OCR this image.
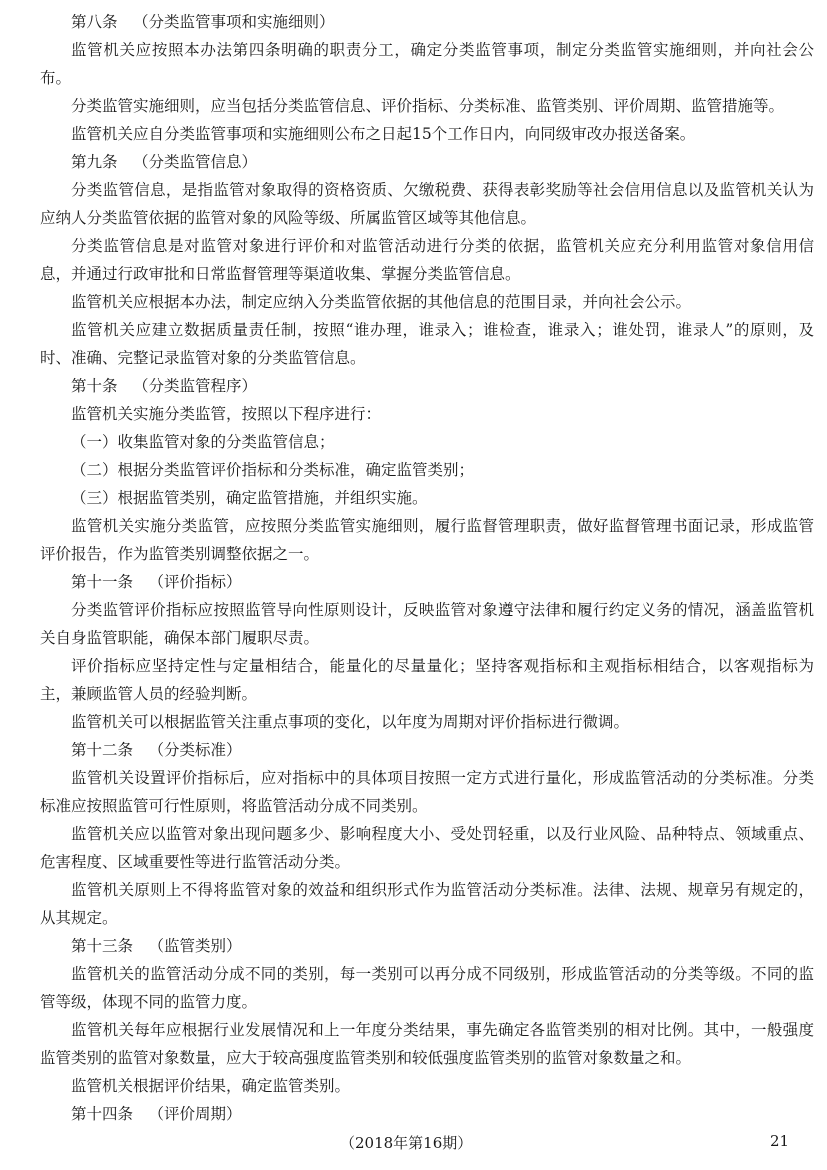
第八条 （分类监管事项和实施细则）

监管机关应按照本办法第四条明确的职责分工，确定分类监管事项，制定分类监管实施细则，并向社会公布。

分类监管实施细则，应当包括分类监管信息、评价指标、分类标准、监管类别、评价周期、监管措施等。

监管机关应自分类监管事项和实施细则公布之日起15个工作日内，向同级审改办报送备案。

第九条 （分类监管信息）

分类监管信息，是指监管对象取得的资格资质、欠缴税费、获得表彰奖励等社会信用信息以及监管机关认为应纳人分类监管依据的监管对象的风险等级、所属监管区域等其他信息。

分类监管信息是对监管对象进行评价和对监管活动进行分类的依据，监管机关应充分利用监管对象信用信息，并通过行政审批和日常监督管理等渠道收集、掌握分类监管信息。

监管机关应根据本办法，制定应纳入分类监管依据的其他信息的范围目录，并向社会公示。

监管机关应建立数据质量责任制，按照“谁办理，谁录入；谁检查，谁录入；谁处罚，谁录人”的原则，及时、准确、完整记录监管对象的分类监管信息。

第十条 （分类监管程序）

监管机关实施分类监管，按照以下程序进行：

（一）收集监管对象的分类监管信息；

（二）根据分类监管评价指标和分类标准，确定监管类别；

（三）根据监管类别，确定监管措施，并组织实施。

监管机关实施分类监管，应按照分类监管实施细则，履行监督管理职责，做好监督管理书面记录，形成监管评价报告，作为监管类别调整依据之一。

第十一条 （评价指标）

分类监管评价指标应按照监管导向性原则设计，反映监管对象遵守法律和履行约定义务的情况，涵盖监管机关自身监管职能，确保本部门履职尽责。

评价指标应坚持定性与定量相结合，能量化的尽量量化；坚持客观指标和主观指标相结合，以客观指标为主，兼顾监管人员的经验判断。

监管机关可以根据监管关注重点事项的变化，以年度为周期对评价指标进行微调。

第十二条 （分类标准）

监管机关设置评价指标后，应对指标中的具体项目按照一定方式进行量化，形成监管活动的分类标准。分类标准应按照监管可行性原则，将监管活动分成不同类别。

监管机关应以监管对象出现问题多少、影响程度大小、受处罚轻重，以及行业风险、品种特点、领域重点、危害程度、区域重要性等进行监管活动分类。

监管机关原则上不得将监管对象的效益和组织形式作为监管活动分类标准。法律、法规、规章另有规定的，从其规定。

第十三条 （监管类别）

监管机关的监管活动分成不同的类别，每一类别可以再分成不同级别，形成监管活动的分类等级。不同的监管等级，体现不同的监管力度。

监管机关每年应根据行业发展情况和上一年度分类结果，事先确定各监管类别的相对比例。其中，一般强度监管类别的监管对象数量，应大于较高强度监管类别和较低强度监管类别的监管对象数量之和。

监管机关根据评价结果，确定监管类别。

第十四条 （评价周期）
（2018年第16期）	21
